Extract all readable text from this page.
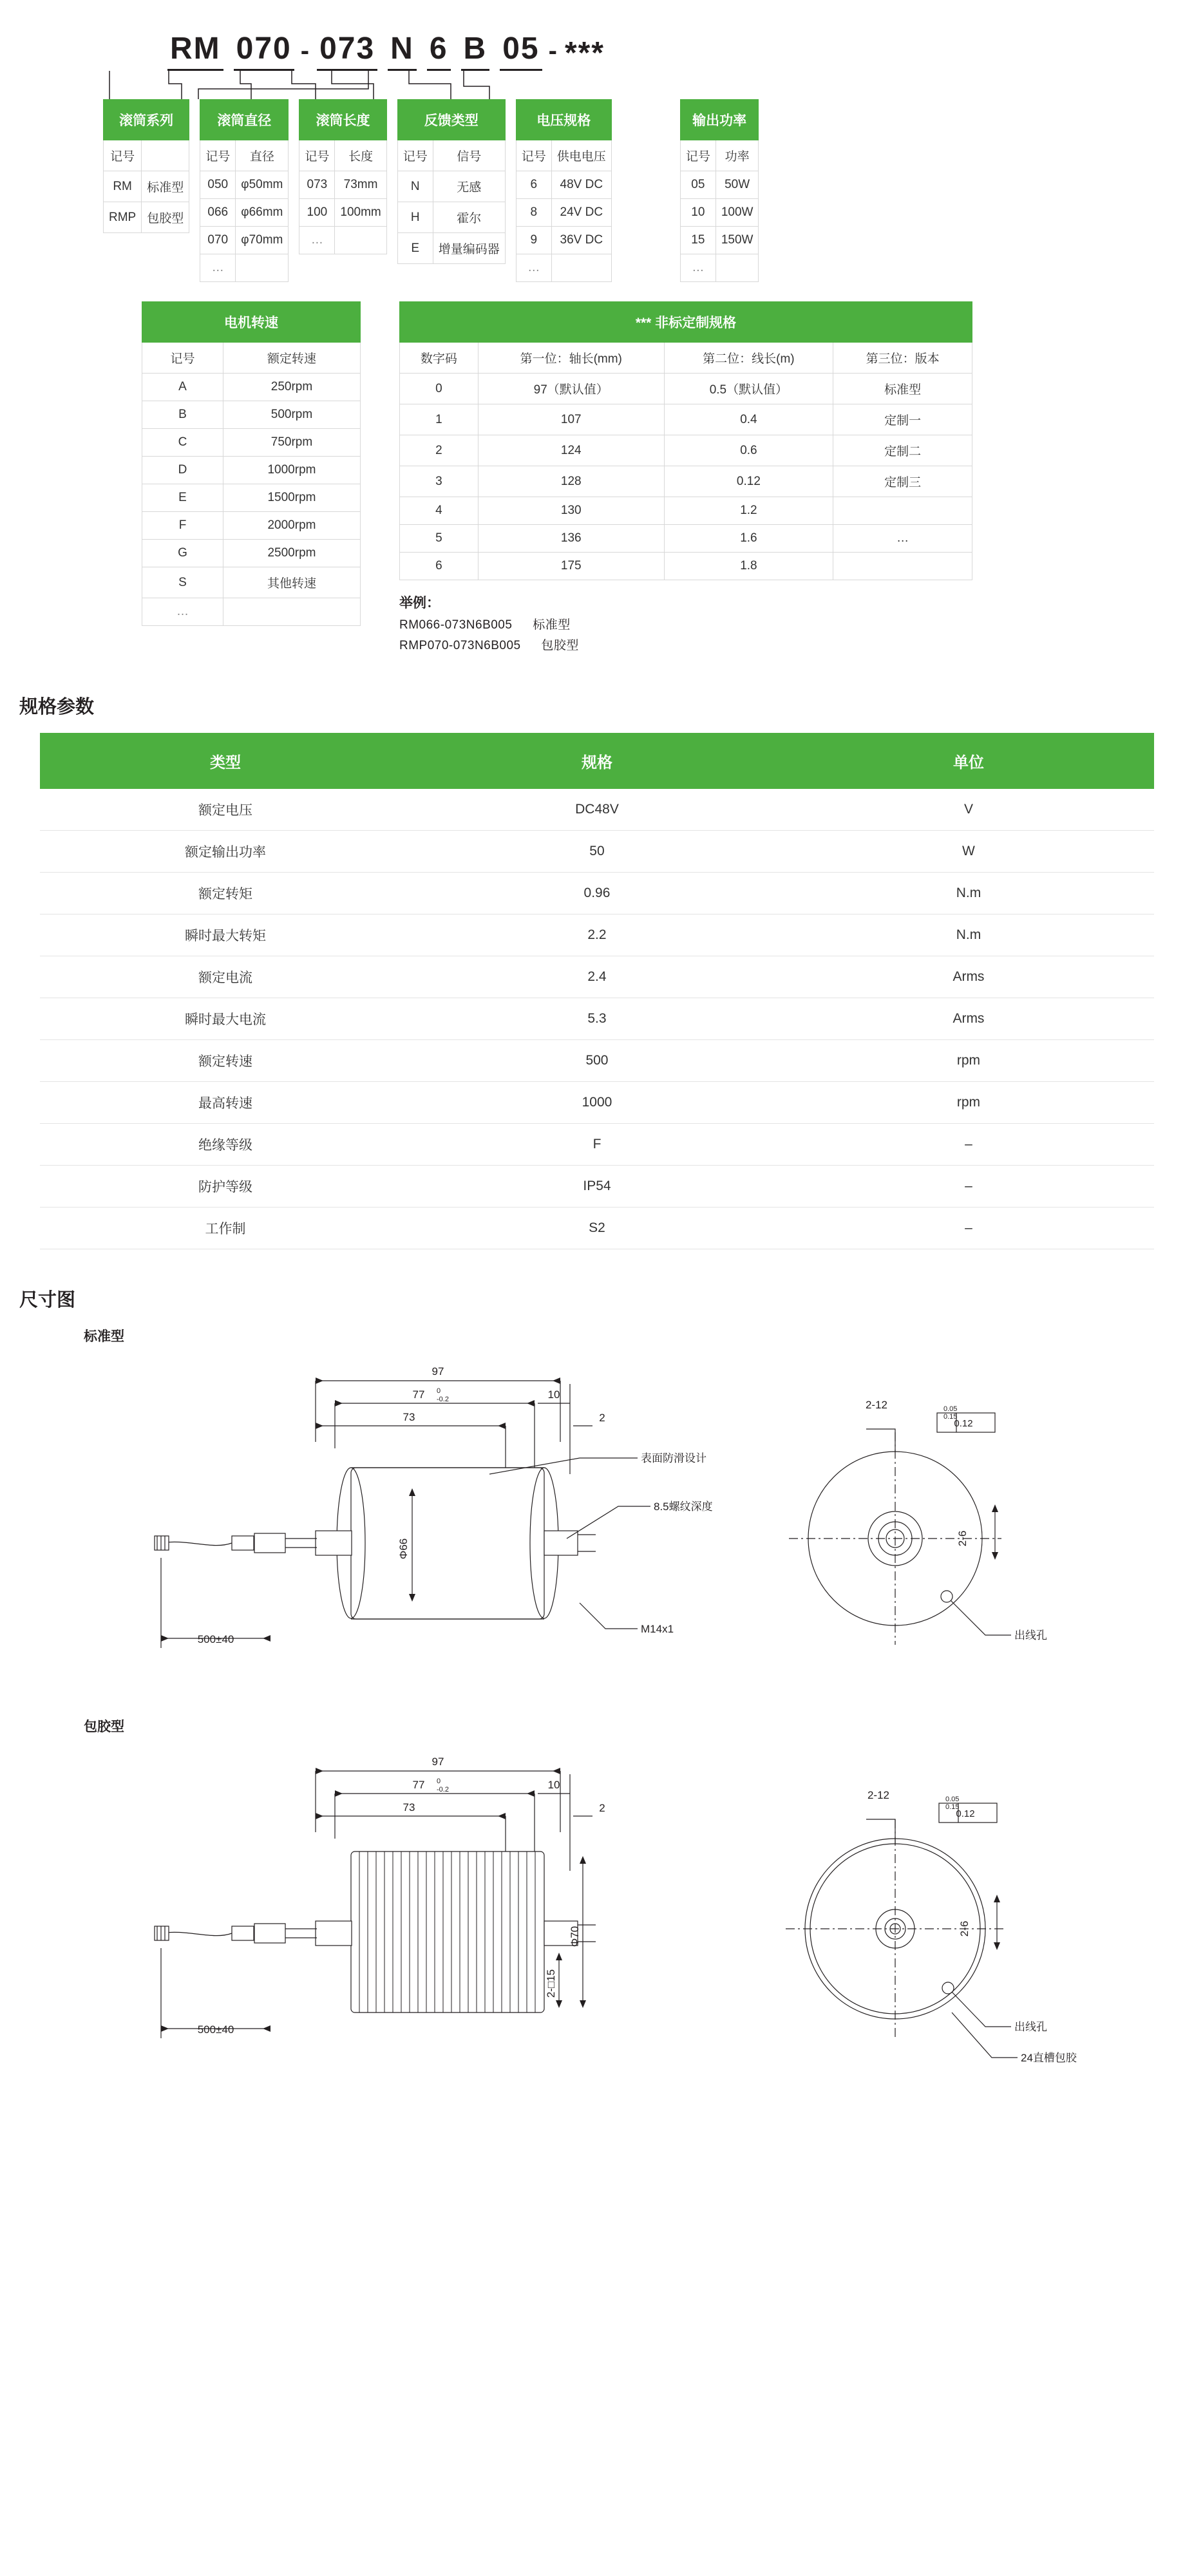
RM 070 - 073 N 6 B 05 - ***
滚筒系列	
记号	
RM	标准型
RMP	包胶型
滚筒直径	
记号	直径
050	φ50mm
066	φ66mm
070	φ70mm
…	
滚筒长度	
记号	长度
073	73mm
100	100mm
…	
反馈类型	
记号	信号
N	无感
H	霍尔
E	增量编码器
电压规格	
记号	供电电压
6	48V DC
8	24V DC
9	36V DC
…	
输出功率	
记号	功率
05	50W
10	100W
15	150W
…	
电机转速	
记号	额定转速
A	250rpm
B	500rpm
C	750rpm
D	1000rpm
E	1500rpm
F	2000rpm
G	2500rpm
S	其他转速
…	
*** 非标定制规格			
数字码	第一位：轴长(mm)	第二位：线长(m)	第三位：版本
0	97（默认值）	0.5（默认值）	标准型
1	107	0.4	定制一
2	124	0.6	定制二
3	128	0.12	定制三
4	130	1.2	
5	136	1.6	…
6	175	1.8	
举例：
RM066-073N6B005 标准型
RMP070-073N6B005 包胶型
规格参数
类型	规格	单位
额定电压	DC48V	V
额定输出功率	50	W
额定转矩	0.96	N.m
瞬时最大转矩	2.2	N.m
额定电流	2.4	Arms
瞬时最大电流	5.3	Arms
额定转速	500	rpm
最高转速	1000	rpm
绝缘等级	F	–
防护等级	IP54	–
工作制	S2	–
尺寸图
标准型
97
77
73
10
2
500±40
2-6
0
-0.2
0.05
0.15
表面防滑设计
8.5螺纹深度
M14x1
出线孔
2-12
0.12
Φ66
包胶型
97
77
73
10
2
500±40
2-6
Φ70
2-□15
0
-0.2
0.05
0.15
出线孔
24直槽包胶
2-12
0.12
